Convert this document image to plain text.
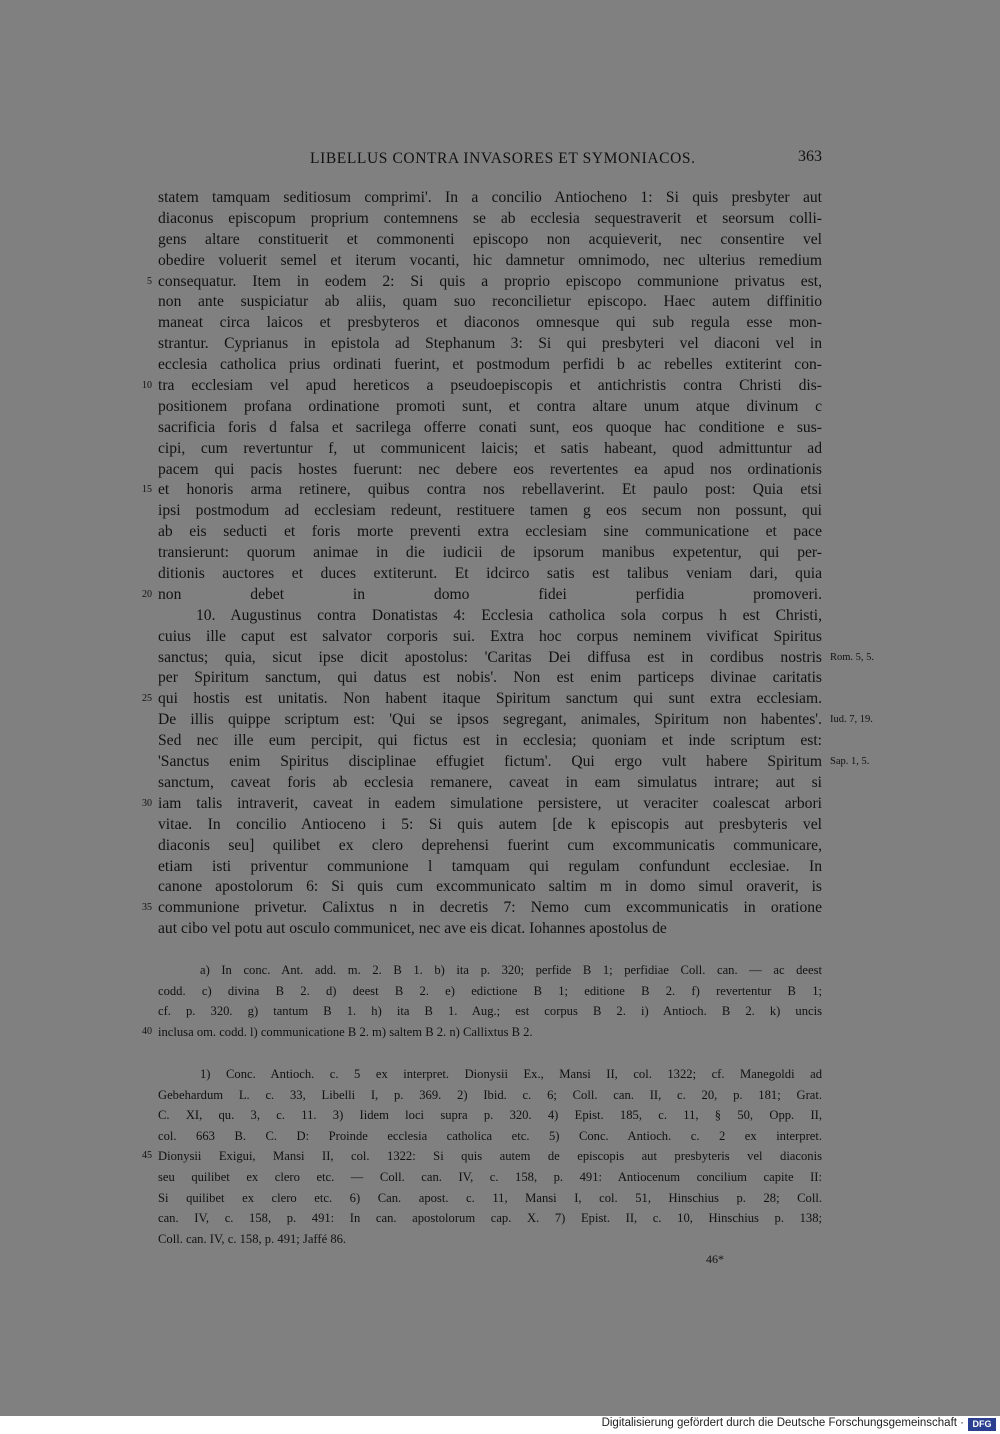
LIBELLUS CONTRA INVASORES ET SYMONIACOS.	363
statem tamquam seditiosum comprimi'. In a concilio Antiocheno 1: Si quis presbyter aut
diaconus episcopum proprium contemnens se ab ecclesia sequestraverit et seorsum colli-
gens altare constituerit et commonenti episcopo non acquieverit, nec consentire vel
obedire voluerit semel et iterum vocanti, hic damnetur omnimodo, nec ulterius remedium
5 consequatur. Item in eodem 2: Si quis a proprio episcopo communione privatus est,
non ante suspiciatur ab aliis, quam suo reconcilietur episcopo. Haec autem diffinitio
maneat circa laicos et presbyteros et diaconos omnesque qui sub regula esse mon-
strantur. Cyprianus in epistola ad Stephanum 3: Si qui presbyteri vel diaconi vel in
ecclesia catholica prius ordinati fuerint, et postmodum perfidi b ac rebelles extiterint con-
10 tra ecclesiam vel apud hereticos a pseudoepiscopis et antichristis contra Christi dis-
positionem profana ordinatione promoti sunt, et contra altare unum atque divinum c
sacrificia foris d falsa et sacrilega offerre conati sunt, eos quoque hac conditione e sus-
cipi, cum revertuntur f, ut communicent laicis; et satis habeant, quod admittuntur ad
pacem qui pacis hostes fuerunt: nec debere eos revertentes ea apud nos ordinationis
15 et honoris arma retinere, quibus contra nos rebellaverint. Et paulo post: Quia etsi
ipsi postmodum ad ecclesiam redeunt, restituere tamen g eos secum non possunt, qui
ab eis seducti et foris morte preventi extra ecclesiam sine communicatione et pace
transierunt: quorum animae in die iudicii de ipsorum manibus expetentur, qui per-
ditionis auctores et duces extiterunt. Et idcirco satis est talibus veniam dari, quia
20 non debet in domo fidei perfidia promoveri.
10. Augustinus contra Donatistas 4: Ecclesia catholica sola corpus h est Christi,
cuius ille caput est salvator corporis sui. Extra hoc corpus neminem vivificat Spiritus
sanctus; quia, sicut ipse dicit apostolus: 'Caritas Dei diffusa est in cordibus nostris Rom. 5, 5.
per Spiritum sanctum, qui datus est nobis'. Non est enim particeps divinae caritatis
25 qui hostis est unitatis. Non habent itaque Spiritum sanctum qui sunt extra ecclesiam.
De illis quippe scriptum est: 'Qui se ipsos segregant, animales, Spiritum non habentes'. Iud. 7, 19.
Sed nec ille eum percipit, qui fictus est in ecclesia; quoniam et inde scriptum est:
'Sanctus enim Spiritus disciplinae effugiet fictum'. Qui ergo vult habere Spiritum Sap. 1, 5.
sanctum, caveat foris ab ecclesia remanere, caveat in eam simulatus intrare; aut si
30 iam talis intraverit, caveat in eadem simulatione persistere, ut veraciter coalescat arbori
vitae. In concilio Antioceno i 5: Si quis autem [de k episcopis aut presbyteris vel
diaconis seu] quilibet ex clero deprehensi fuerint cum excommunicatis communicare,
etiam isti priventur communione l tamquam qui regulam confundunt ecclesiae. In
canone apostolorum 6: Si quis cum excommunicato saltim m in domo simul oraverit, is
35 communione privetur. Calixtus n in decretis 7: Nemo cum excommunicatis in oratione
aut cibo vel potu aut osculo communicet, nec ave eis dicat. Iohannes apostolus de
a) In conc. Ant. add. m. 2. B 1. b) ita p. 320; perfide B 1; perfidiae Coll. can. — ac deest
codd. c) divina B 2. d) deest B 2. e) edictione B 1; editione B 2. f) revertentur B 1;
cf. p. 320. g) tantum B 1. h) ita B 1. Aug.; est corpus B 2. i) Antioch. B 2. k) uncis
40 inclusa om. codd. l) communicatione B 2. m) saltem B 2. n) Callixtus B 2.
1) Conc. Antioch. c. 5 ex interpret. Dionysii Ex., Mansi II, col. 1322; cf. Manegoldi ad
Gebehardum L. c. 33, Libelli I, p. 369. 2) Ibid. c. 6; Coll. can. II, c. 20, p. 181; Grat.
C. XI, qu. 3, c. 11. 3) Iidem loci supra p. 320. 4) Epist. 185, c. 11, § 50, Opp. II,
col. 663 B. C. D: Proinde ecclesia catholica etc. 5) Conc. Antioch. c. 2 ex interpret.
45 Dionysii Exigui, Mansi II, col. 1322: Si quis autem de episcopis aut presbyteris vel diaconis
seu quilibet ex clero etc. — Coll. can. IV, c. 158, p. 491: Antiocenum concilium capite II:
Si quilibet ex clero etc. 6) Can. apost. c. 11, Mansi I, col. 51, Hinschius p. 28; Coll.
can. IV, c. 158, p. 491: In can. apostolorum cap. X. 7) Epist. II, c. 10, Hinschius p. 138;
Coll. can. IV, c. 158, p. 491; Jaffé 86.
46*
Digitalisierung gefördert durch die Deutsche Forschungsgemeinschaft · DFG
